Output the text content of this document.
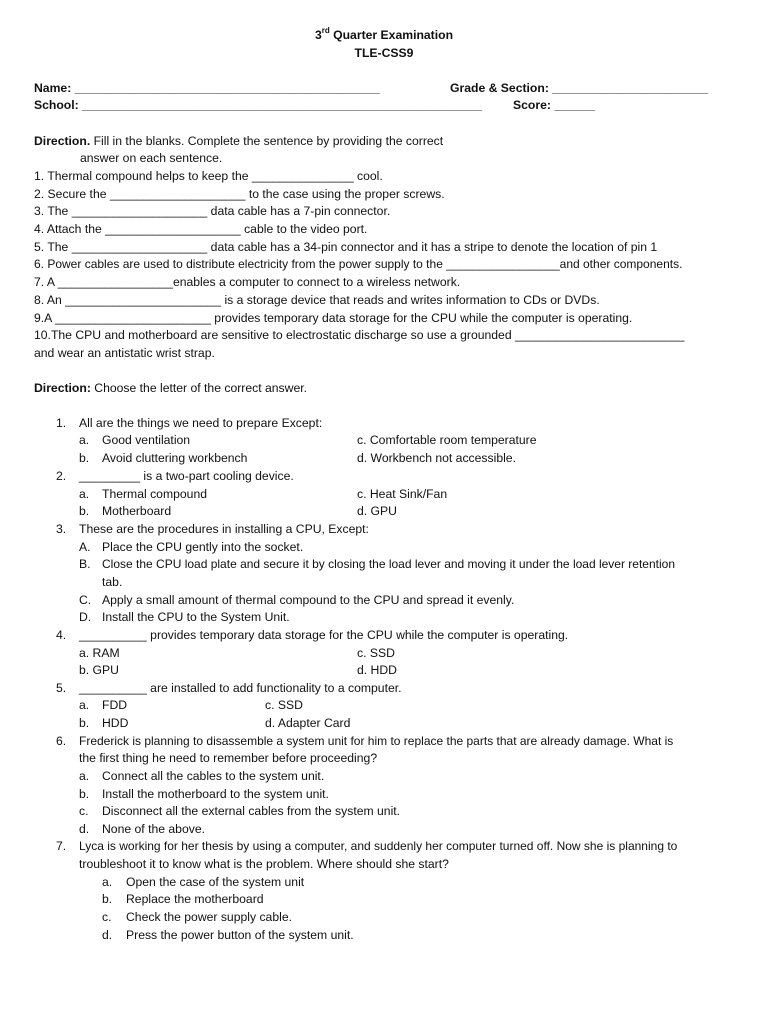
3rd Quarter Examination
TLE-CSS9
Name: _____________________________________________	Grade & Section: _______________________
School: ___________________________________________________________	Score: ______
Direction. Fill in the blanks. Complete the sentence by providing the correct
answer on each sentence.
1. Thermal compound helps to keep the _______________ cool.
2. Secure the ____________________ to the case using the proper screws.
3. The ____________________ data cable has a 7-pin connector.
4. Attach the ____________________ cable to the video port.
5. The ____________________ data cable has a 34-pin connector and it has a stripe to denote the location of pin 1
6. Power cables are used to distribute electricity from the power supply to the _________________and other components.
7. A _________________enables a computer to connect to a wireless network.
8. An _______________________ is a storage device that reads and writes information to CDs or DVDs.
9.A _______________________ provides temporary data storage for the CPU while the computer is operating.
10.The CPU and motherboard are sensitive to electrostatic discharge so use a grounded _________________________
and wear an antistatic wrist strap.
Direction: Choose the letter of the correct answer.
1. All are the things we need to prepare Except:
a. Good ventilation	c. Comfortable room temperature
b. Avoid cluttering workbench	d. Workbench not accessible.
2. _________ is a two-part cooling device.
a. Thermal compound	c. Heat Sink/Fan
b. Motherboard	d. GPU
3. These are the procedures in installing a CPU, Except:
A. Place the CPU gently into the socket.
B. Close the CPU load plate and secure it by closing the load lever and moving it under the load lever retention
tab.
C. Apply a small amount of thermal compound to the CPU and spread it evenly.
D. Install the CPU to the System Unit.
4. __________ provides temporary data storage for the CPU while the computer is operating.
a. RAM	c. SSD
b. GPU	d. HDD
5. __________ are installed to add functionality to a computer.
a. FDD	c. SSD
b. HDD	d. Adapter Card
6. Frederick is planning to disassemble a system unit for him to replace the parts that are already damage. What is
the first thing he need to remember before proceeding?
a. Connect all the cables to the system unit.
b. Install the motherboard to the system unit.
c. Disconnect all the external cables from the system unit.
d. None of the above.
7. Lyca is working for her thesis by using a computer, and suddenly her computer turned off. Now she is planning to
troubleshoot it to know what is the problem. Where should she start?
a. Open the case of the system unit
b. Replace the motherboard
c. Check the power supply cable.
d. Press the power button of the system unit.
